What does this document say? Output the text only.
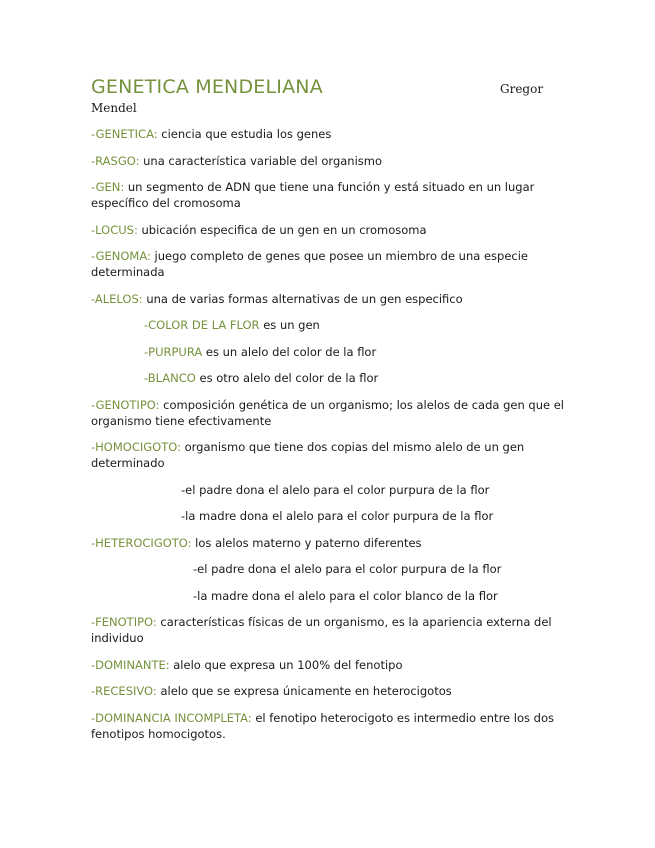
GENETICA MENDELIANA	Gregor
Mendel

-GENETICA: ciencia que estudia los genes

-RASGO: una característica variable del organismo

-GEN: un segmento de ADN que tiene una función y está situado en un lugar específico del cromosoma

-LOCUS: ubicación especifica de un gen en un cromosoma

-GENOMA: juego completo de genes que posee un miembro de una especie determinada

-ALELOS: una de varias formas alternativas de un gen especifico

-COLOR DE LA FLOR es un gen

-PURPURA es un alelo del color de la flor

-BLANCO es otro alelo del color de la flor

-GENOTIPO: composición genética de un organismo; los alelos de cada gen que el organismo tiene efectivamente

-HOMOCIGOTO: organismo que tiene dos copias del mismo alelo de un gen determinado

-el padre dona el alelo para el color purpura de la flor

-la madre dona el alelo para el color purpura de la flor

-HETEROCIGOTO: los alelos materno y paterno diferentes

-el padre dona el alelo para el color purpura de la flor

-la madre dona el alelo para el color blanco de la flor

-FENOTIPO: características físicas de un organismo, es la apariencia externa del individuo

-DOMINANTE: alelo que expresa un 100% del fenotipo

-RECESIVO: alelo que se expresa únicamente en heterocigotos

-DOMINANCIA INCOMPLETA: el fenotipo heterocigoto es intermedio entre los dos fenotipos homocigotos.
